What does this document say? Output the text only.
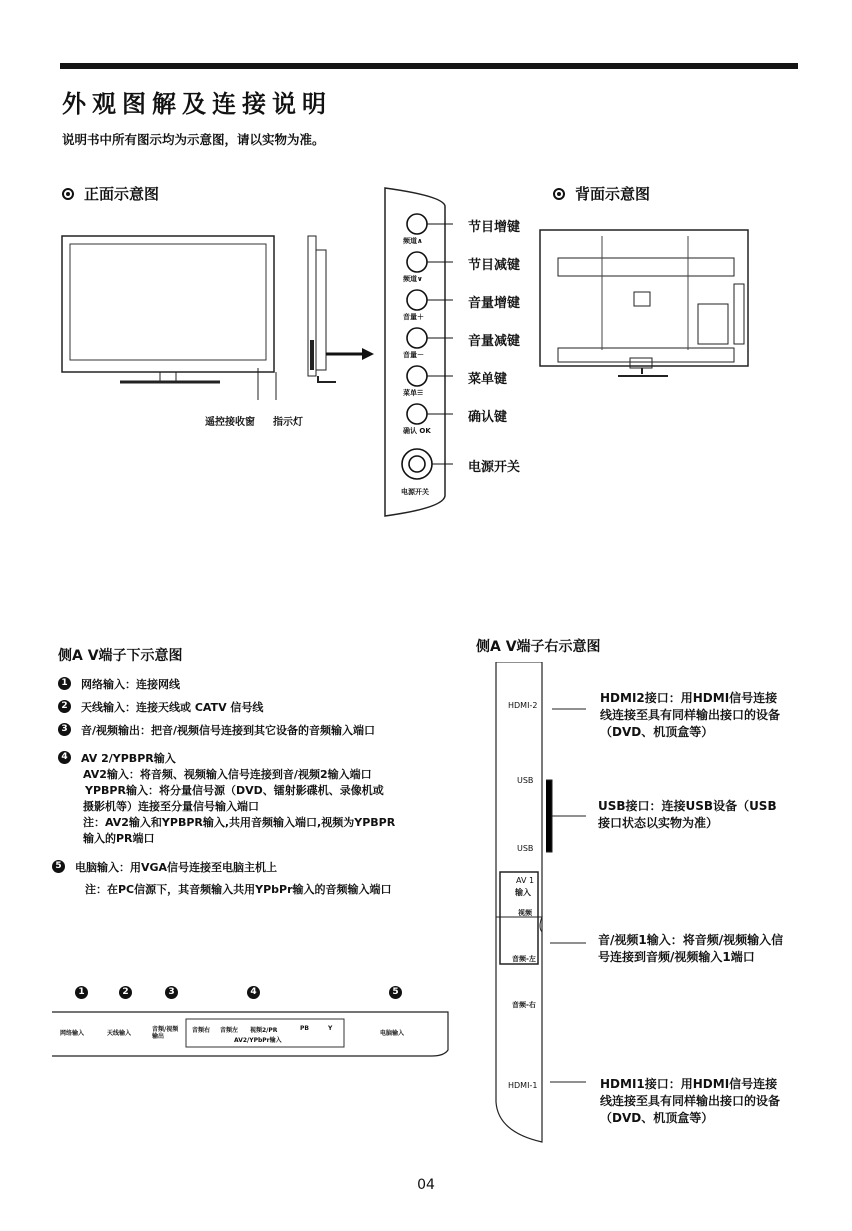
外观图解及连接说明
说明书中所有图示均为示意图，请以实物为准。
正面示意图	背面示意图
遥控接收窗 指示灯
频道∧
频道∨
音量＋
音量－
菜单☰
确认 OK
电源开关
节目增键
节目减键
音量增键
音量减键
菜单键
确认键
电源开关
侧A V端子下示意图
1	网络输入：连接网线
2	天线输入：连接天线或 CATV 信号线
3	音/视频输出：把音/视频信号连接到其它设备的音频输入端口
4	AV 2/YPBPR输入
AV2输入：将音频、视频输入信号连接到音/视频2输入端口
YPBPR输入：将分量信号源（DVD、镭射影碟机、录像机或
摄影机等）连接至分量信号输入端口
注：AV2输入和YPBPR输入,共用音频输入端口,视频为YPBPR
输入的PR端口
5	电脑输入：用VGA信号连接至电脑主机上
注：在PC信源下，其音频输入共用YPbPr输入的音频输入端口
1	2	3	4	5
网络输入	天线输入
音频/视频输出
音频右 音频左 视频2/PR	PB	Y
电脑输入
AV2/YPbPr输入
侧A V端子右示意图
HDMI-2
USB
USB
AV 1
输入
视频
音频-左
音频-右
HDMI-1
HDMI2接口：用HDMI信号连接
线连接至具有同样输出接口的设备
（DVD、机顶盒等）
USB接口：连接USB设备（USB
接口状态以实物为准）
音/视频1输入：将音频/视频输入信
号连接到音频/视频输入1端口
HDMI1接口：用HDMI信号连接
线连接至具有同样输出接口的设备
（DVD、机顶盒等）
04
